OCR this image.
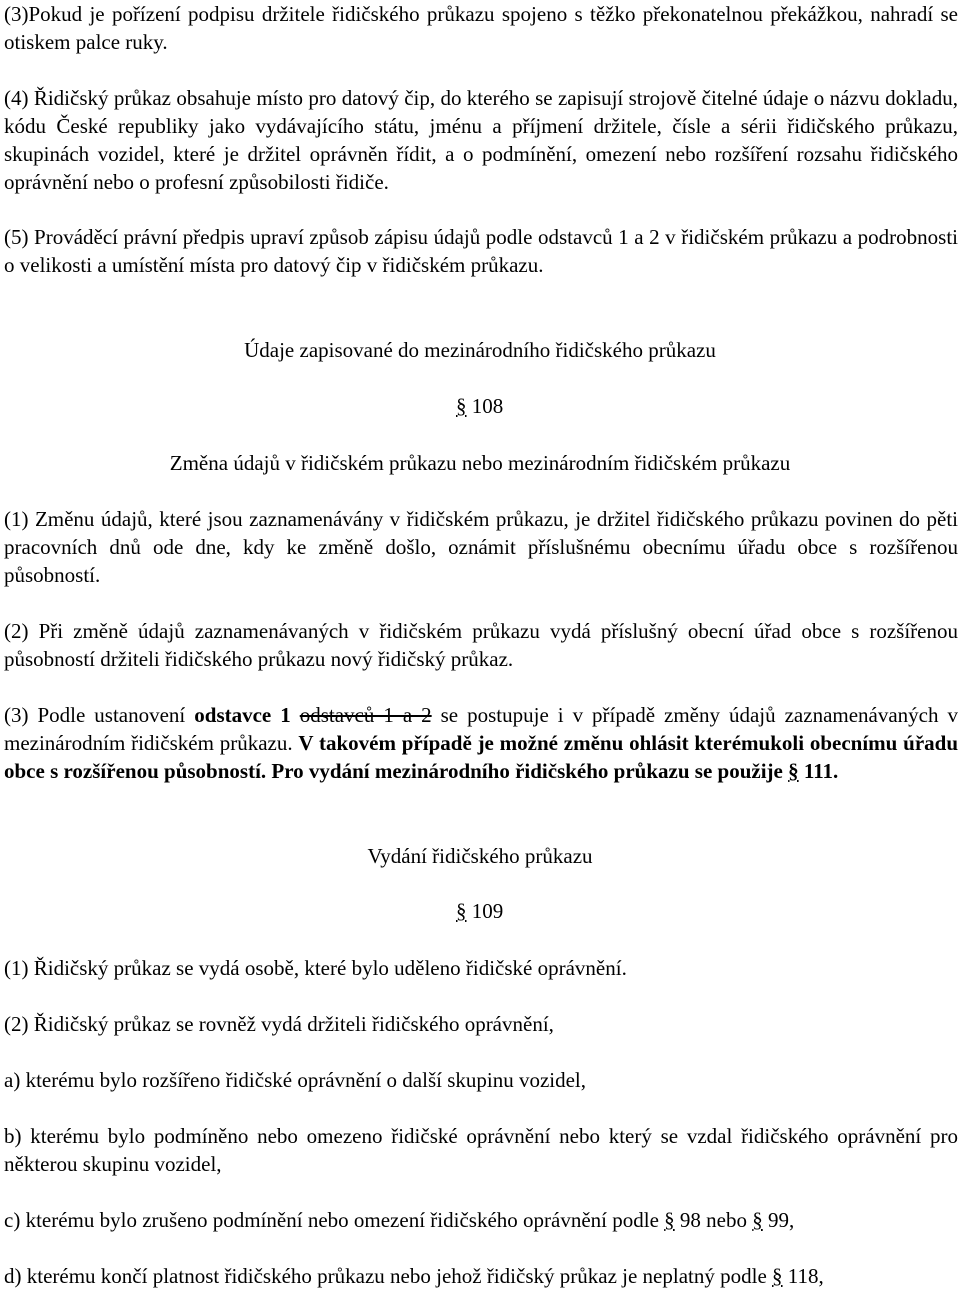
(3)Pokud je pořízení podpisu držitele řidičského průkazu spojeno s těžko překonatelnou překážkou, nahradí se otiskem palce ruky.

(4) Řidičský průkaz obsahuje místo pro datový čip, do kterého se zapisují strojově čitelné údaje o názvu dokladu, kódu České republiky jako vydávajícího státu, jménu a příjmení držitele, čísle a sérii řidičského průkazu, skupinách vozidel, které je držitel oprávněn řídit, a o podmínění, omezení nebo rozšíření rozsahu řidičského oprávnění nebo o profesní způsobilosti řidiče.

(5) Prováděcí právní předpis upraví způsob zápisu údajů podle odstavců 1 a 2 v řidičském průkazu a podrobnosti o velikosti a umístění místa pro datový čip v řidičském průkazu.

Údaje zapisované do mezinárodního řidičského průkazu

§ 108

Změna údajů v řidičském průkazu nebo mezinárodním řidičském průkazu

(1) Změnu údajů, které jsou zaznamenávány v řidičském průkazu, je držitel řidičského průkazu povinen do pěti pracovních dnů ode dne, kdy ke změně došlo, oznámit příslušnému obecnímu úřadu obce s rozšířenou působností.

(2) Při změně údajů zaznamenávaných v řidičském průkazu vydá příslušný obecní úřad obce s rozšířenou působností držiteli řidičského průkazu nový řidičský průkaz.

(3) Podle ustanovení odstavce 1 odstavců 1 a 2 se postupuje i v případě změny údajů zaznamenávaných v mezinárodním řidičském průkazu. V takovém případě je možné změnu ohlásit kterémukoli obecnímu úřadu obce s rozšířenou působností. Pro vydání mezinárodního řidičského průkazu se použije § 111.

Vydání řidičského průkazu

§ 109

(1) Řidičský průkaz se vydá osobě, které bylo uděleno řidičské oprávnění.

(2) Řidičský průkaz se rovněž vydá držiteli řidičského oprávnění,

a) kterému bylo rozšířeno řidičské oprávnění o další skupinu vozidel,

b) kterému bylo podmíněno nebo omezeno řidičské oprávnění nebo který se vzdal řidičského oprávnění pro některou skupinu vozidel,

c) kterému bylo zrušeno podmínění nebo omezení řidičského oprávnění podle § 98 nebo § 99,

d) kterému končí platnost řidičského průkazu nebo jehož řidičský průkaz je neplatný podle § 118,
